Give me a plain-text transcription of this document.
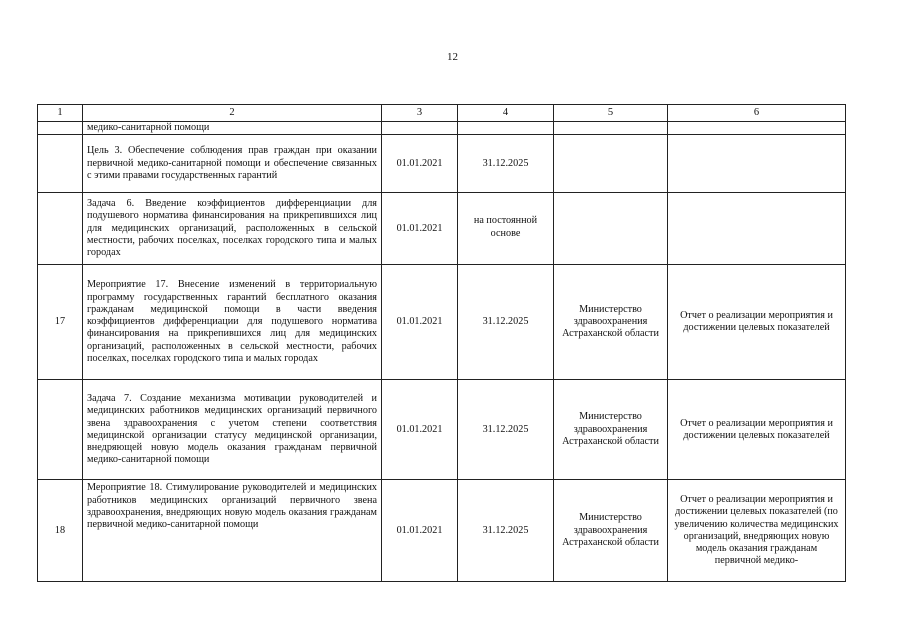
12
1	2	3	4	5	6

	медико-санитарной помощи				

	Цель 3. Обеспечение соблюдения прав граждан при оказании первичной медико-санитарной помощи и обеспечение связанных с этими правами государственных гарантий	01.01.2021	31.12.2025		

	Задача 6. Введение коэффициентов дифференциации для подушевого норматива финансирования на прикрепившихся лиц для медицинских организаций, расположенных в сельской местности, рабочих поселках, поселках городского типа и малых городах	01.01.2021	на постоянной основе		
17	Мероприятие 17. Внесение изменений в территориальную программу государственных гарантий бесплатного оказания гражданам медицинской помощи в части введения коэффициентов дифференциации для подушевого норматива финансирования на прикрепившихся лиц для медицинских организаций, расположенных в сельской местности, рабочих поселках, поселках городского типа и малых городах	01.01.2021	31.12.2025	Министерство здравоохранения Астраханской области	Отчет о реализации мероприятия и достижении целевых показателей

	Задача 7. Создание механизма мотивации руководителей и медицинских работников медицинских организаций первичного звена здравоохранения с учетом степени соответствия медицинской организации статусу медицинской организации, внедряющей новую модель оказания гражданам первичной медико-санитарной помощи	01.01.2021	31.12.2025	Министерство здравоохранения Астраханской области	Отчет о реализации мероприятия и достижении целевых показателей
18	Мероприятие 18. Стимулирование руководителей и медицинских работников медицинских организаций первичного звена здравоохранения, внедряющих новую модель оказания гражданам первичной медико-санитарной помощи	01.01.2021	31.12.2025	Министерство здравоохранения Астраханской области	Отчет о реализации мероприятия и достижении целевых показателей (по увеличению количества медицинских организаций, внедряющих новую модель оказания гражданам первичной медико-
